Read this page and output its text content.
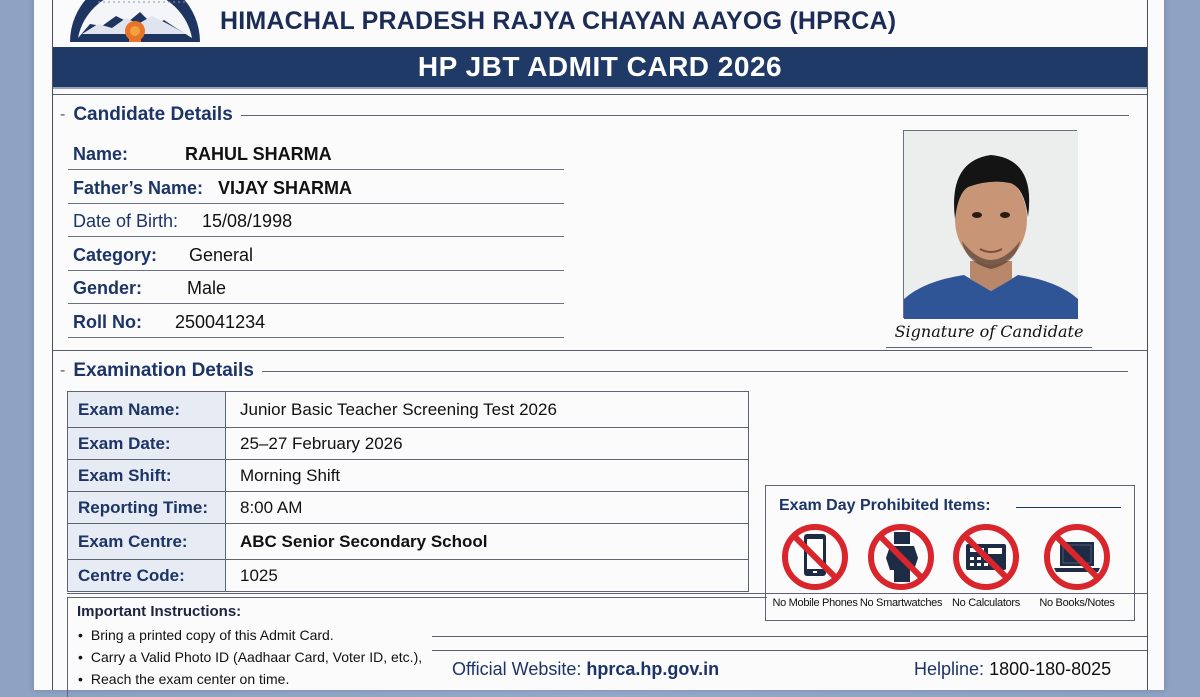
HIMACHAL PRADESH RAJYA CHAYAN AAYOG (HPRCA)
HP JBT ADMIT CARD 2026
- Candidate Details
Name:	RAHUL SHARMA
Father’s Name: VIJAY SHARMA
Date of Birth: 15/08/1998
Category: General
Gender: Male
Roll No: 250041234	Signature of Candidate
- Examination Details
Exam Name:	Junior Basic Teacher Screening Test 2026
Exam Date:	25–27 February 2026
Exam Shift:	Morning Shift
Reporting Time:	8:00 AM
Exam Centre:	ABC Senior Secondary School
Centre Code:	1025
Exam Day Prohibited Items:
No Mobile Phones No Smartwatches No Calculators	No Books/Notes
Important Instructions:
• Bring a printed copy of this Admit Card.
• Carry a Valid Photo ID (Aadhaar Card, Voter ID, etc.),
• Reach the exam center on time.	Official Website: hprca.hp.gov.in	Helpline: 1800-180-8025
